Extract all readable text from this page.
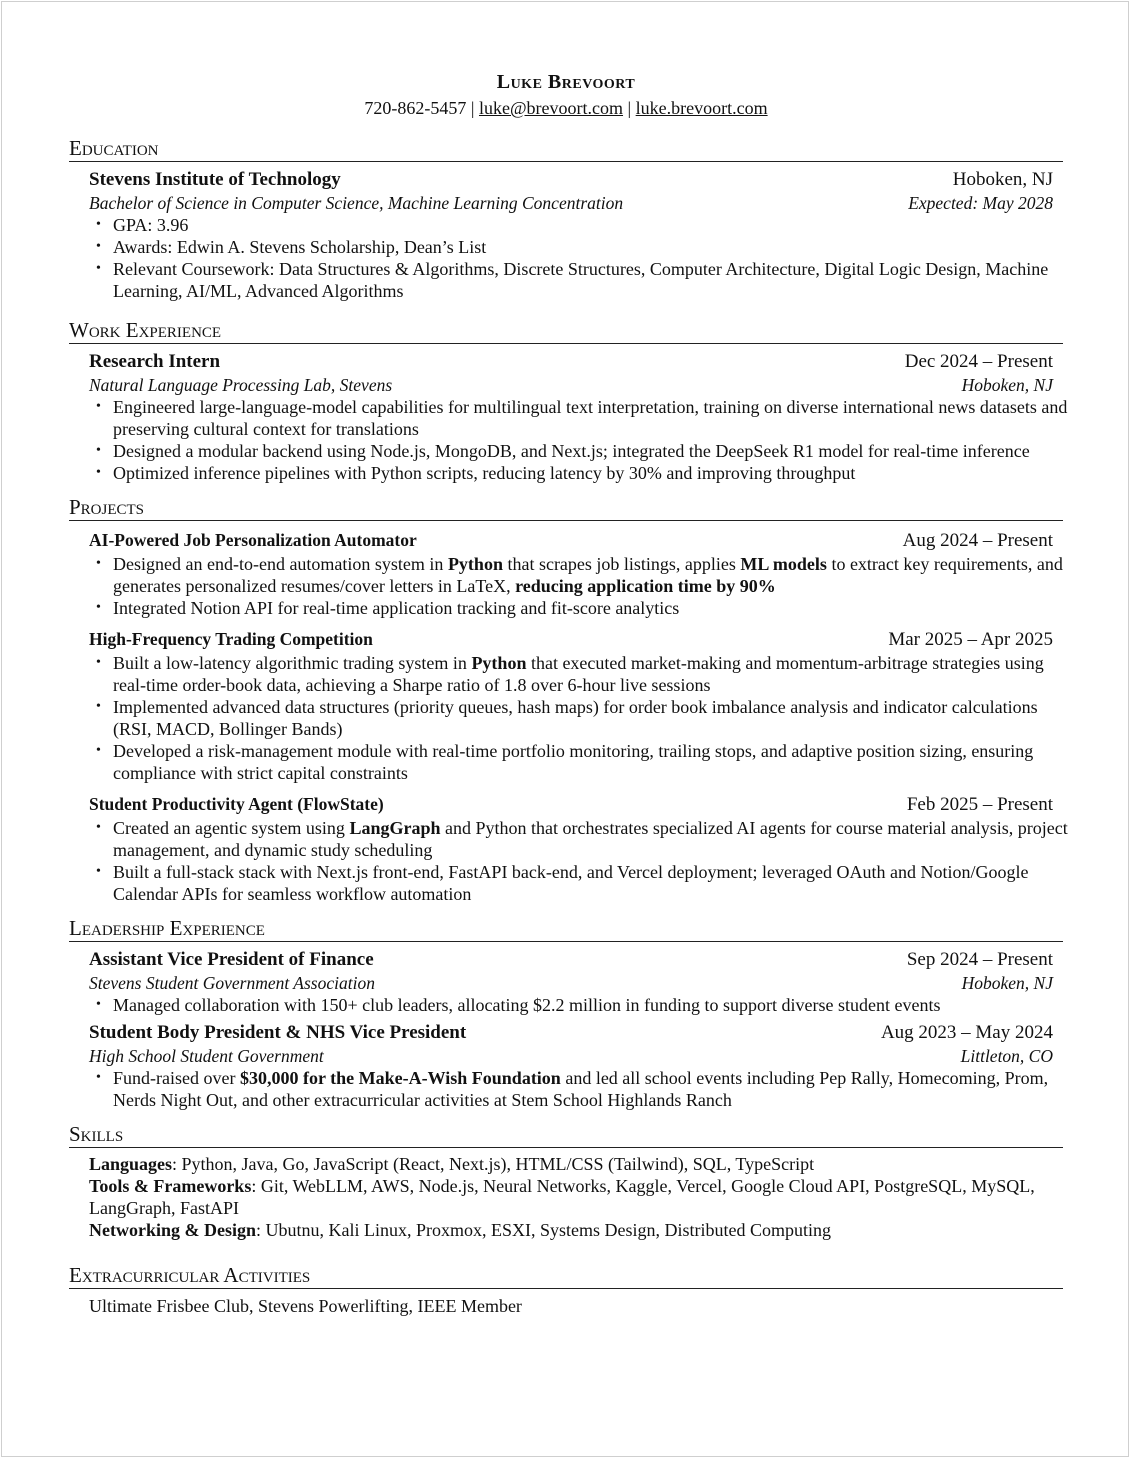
Luke Brevoort
720-862-5457 | luke@brevoort.com | luke.brevoort.com
Education
Stevens Institute of Technology	Hoboken, NJ
Bachelor of Science in Computer Science, Machine Learning Concentration	Expected: May 2028
• GPA: 3.96
• Awards: Edwin A. Stevens Scholarship, Dean’s List
• Relevant Coursework: Data Structures & Algorithms, Discrete Structures, Computer Architecture, Digital Logic Design, Machine Learning, AI/ML, Advanced Algorithms
Work Experience
Research Intern	Dec 2024 – Present
Natural Language Processing Lab, Stevens	Hoboken, NJ
• Engineered large-language-model capabilities for multilingual text interpretation, training on diverse international news datasets and preserving cultural context for translations
• Designed a modular backend using Node.js, MongoDB, and Next.js; integrated the DeepSeek R1 model for real-time inference
• Optimized inference pipelines with Python scripts, reducing latency by 30% and improving throughput
Projects
AI-Powered Job Personalization Automator	Aug 2024 – Present
• Designed an end-to-end automation system in Python that scrapes job listings, applies ML models to extract key requirements, and generates personalized resumes/cover letters in LaTeX, reducing application time by 90%
• Integrated Notion API for real-time application tracking and fit-score analytics
High-Frequency Trading Competition	Mar 2025 – Apr 2025
• Built a low-latency algorithmic trading system in Python that executed market-making and momentum-arbitrage strategies using real-time order-book data, achieving a Sharpe ratio of 1.8 over 6-hour live sessions
• Implemented advanced data structures (priority queues, hash maps) for order book imbalance analysis and indicator calculations (RSI, MACD, Bollinger Bands)
• Developed a risk-management module with real-time portfolio monitoring, trailing stops, and adaptive position sizing, ensuring compliance with strict capital constraints
Student Productivity Agent (FlowState)	Feb 2025 – Present
• Created an agentic system using LangGraph and Python that orchestrates specialized AI agents for course material analysis, project management, and dynamic study scheduling
• Built a full-stack stack with Next.js front-end, FastAPI back-end, and Vercel deployment; leveraged OAuth and Notion/Google Calendar APIs for seamless workflow automation
Leadership Experience
Assistant Vice President of Finance	Sep 2024 – Present
Stevens Student Government Association	Hoboken, NJ
• Managed collaboration with 150+ club leaders, allocating $2.2 million in funding to support diverse student events
Student Body President & NHS Vice President	Aug 2023 – May 2024
High School Student Government	Littleton, CO
• Fund-raised over $30,000 for the Make-A-Wish Foundation and led all school events including Pep Rally, Homecoming, Prom, Nerds Night Out, and other extracurricular activities at Stem School Highlands Ranch
Skills
Languages: Python, Java, Go, JavaScript (React, Next.js), HTML/CSS (Tailwind), SQL, TypeScript
Tools & Frameworks: Git, WebLLM, AWS, Node.js, Neural Networks, Kaggle, Vercel, Google Cloud API, PostgreSQL, MySQL, LangGraph, FastAPI
Networking & Design: Ubutnu, Kali Linux, Proxmox, ESXI, Systems Design, Distributed Computing
Extracurricular Activities
Ultimate Frisbee Club, Stevens Powerlifting, IEEE Member
